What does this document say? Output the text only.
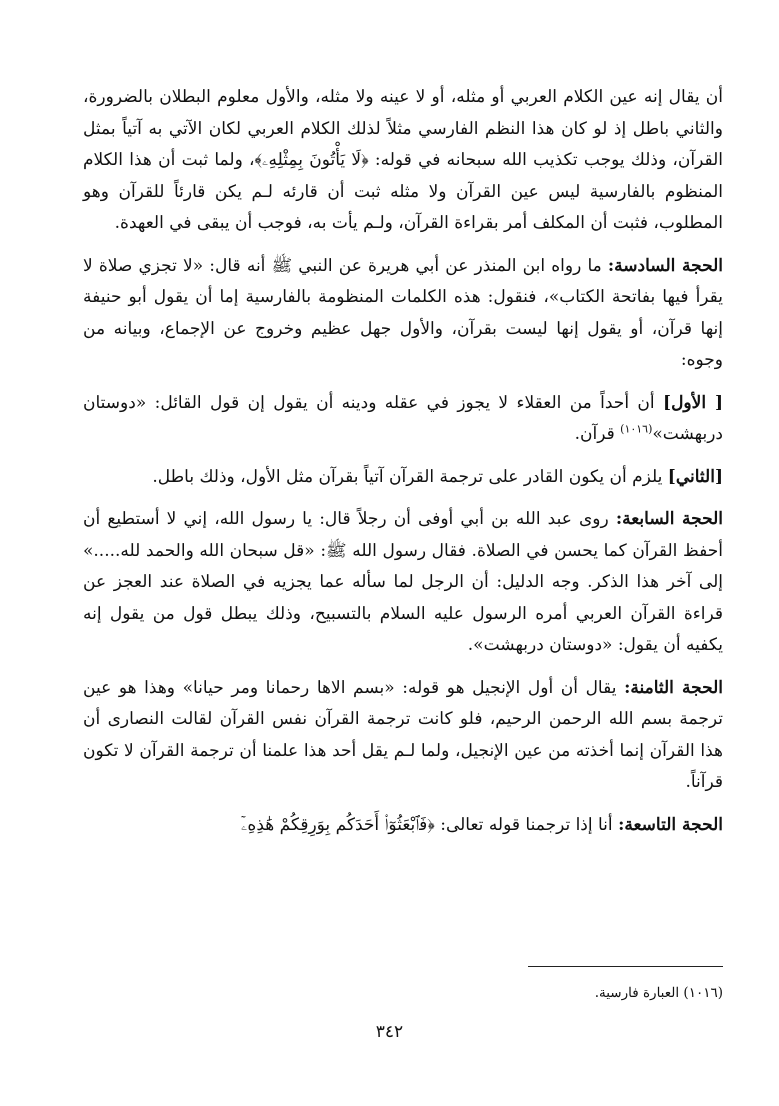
أن يقال إنه عين الكلام العربي أو مثله، أو لا عينه ولا مثله، والأول معلوم البطلان بالضرورة، والثاني باطل إذ لو كان هذا النظم الفارسي مثلاً لذلك الكلام العربي لكان الآتي به آتياً بمثل القرآن، وذلك يوجب تكذيب الله سبحانه في قوله: ﴿لَا يَأْتُونَ بِمِثْلِهِۦ﴾، ولما ثبت أن هذا الكلام المنظوم بالفارسية ليس عين القرآن ولا مثله ثبت أن قارئه لـم يكن قارئاً للقرآن وهو المطلوب، فثبت أن المكلف أمر بقراءة القرآن، ولـم يأت به، فوجب أن يبقى في العهدة.

الحجة السادسة: ما رواه ابن المنذر عن أبي هريرة عن النبي ﷺ أنه قال: «لا تجزي صلاة لا يقرأ فيها بفاتحة الكتاب»، فنقول: هذه الكلمات المنظومة بالفارسية إما أن يقول أبو حنيفة إنها قرآن، أو يقول إنها ليست بقرآن، والأول جهل عظيم وخروج عن الإجماع، وبيانه من وجوه:

[ الأول] أن أحداً من العقلاء لا يجوز في عقله ودينه أن يقول إن قول القائل: «دوستان دربهشت»$^{(١٠١٦)}$ قرآن.

[الثاني] يلزم أن يكون القادر على ترجمة القرآن آتياً بقرآن مثل الأول، وذلك باطل.

الحجة السابعة: روى عبد الله بن أبي أوفى أن رجلاً قال: يا رسول الله، إني لا أستطيع أن أحفظ القرآن كما يحسن في الصلاة. فقال رسول الله ﷺ: «قل سبحان الله والحمد لله.....» إلى آخر هذا الذكر. وجه الدليل: أن الرجل لما سأله عما يجزيه في الصلاة عند العجز عن قراءة القرآن العربي أمره الرسول عليه السلام بالتسبيح، وذلك يبطل قول من يقول إنه يكفيه أن يقول: «دوستان دربهشت».

الحجة الثامنة: يقال أن أول الإنجيل هو قوله: «بسم الاها رحمانا ومر حيانا» وهذا هو عين ترجمة بسم الله الرحمن الرحيم، فلو كانت ترجمة القرآن نفس القرآن لقالت النصارى أن هذا القرآن إنما أخذته من عين الإنجيل، ولما لـم يقل أحد هذا علمنا أن ترجمة القرآن لا تكون قرآناً.

الحجة التاسعة: أنا إذا ترجمنا قوله تعالى: ﴿فَٱبْعَثُوٓا۟ أَحَدَكُم بِوَرِقِكُمْ هَٰذِهِۦٓ

(١٠١٦) العبارة فارسية.
٣٤٢
